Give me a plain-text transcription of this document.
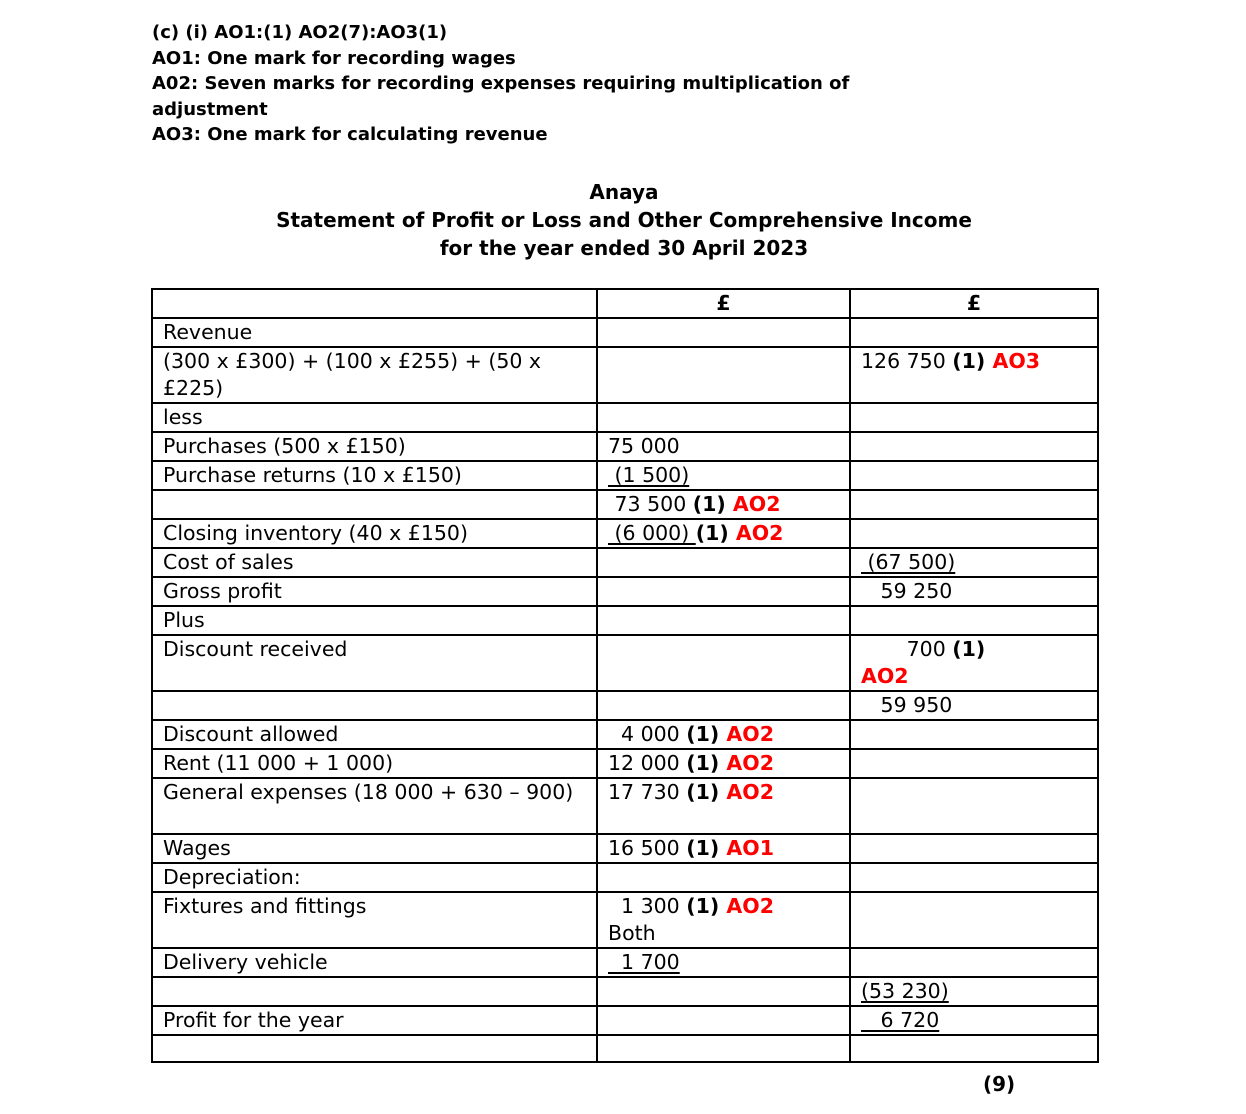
(c) (i) AO1:(1) AO2(7):AO3(1)
AO1: One mark for recording wages
A02: Seven marks for recording expenses requiring multiplication of
adjustment
AO3: One mark for calculating revenue
Anaya
Statement of Profit or Loss and Other Comprehensive Income
for the year ended 30 April 2023
	£	£
Revenue		
(300 x £300) + (100 x £255) + (50 x £225)		126 750 (1) AO3
less		
Purchases (500 x £150)	75 000	
Purchase returns (10 x £150)	(1 500)	
	73 500 (1) AO2	
Closing inventory (40 x £150)	(6 000) (1) AO2	
Cost of sales		(67 500)
Gross profit		59 250
Plus		
Discount received		700 (1)
AO2
		59 950
Discount allowed	4 000 (1) AO2	
Rent (11 000 + 1 000)	12 000 (1) AO2	
General expenses (18 000 + 630 – 900)	17 730 (1) AO2	
Wages	16 500 (1) AO1	
Depreciation:		
Fixtures and fittings	1 300 (1) AO2
Both	
Delivery vehicle	1 700	
		(53 230)
Profit for the year		6 720

(9)
